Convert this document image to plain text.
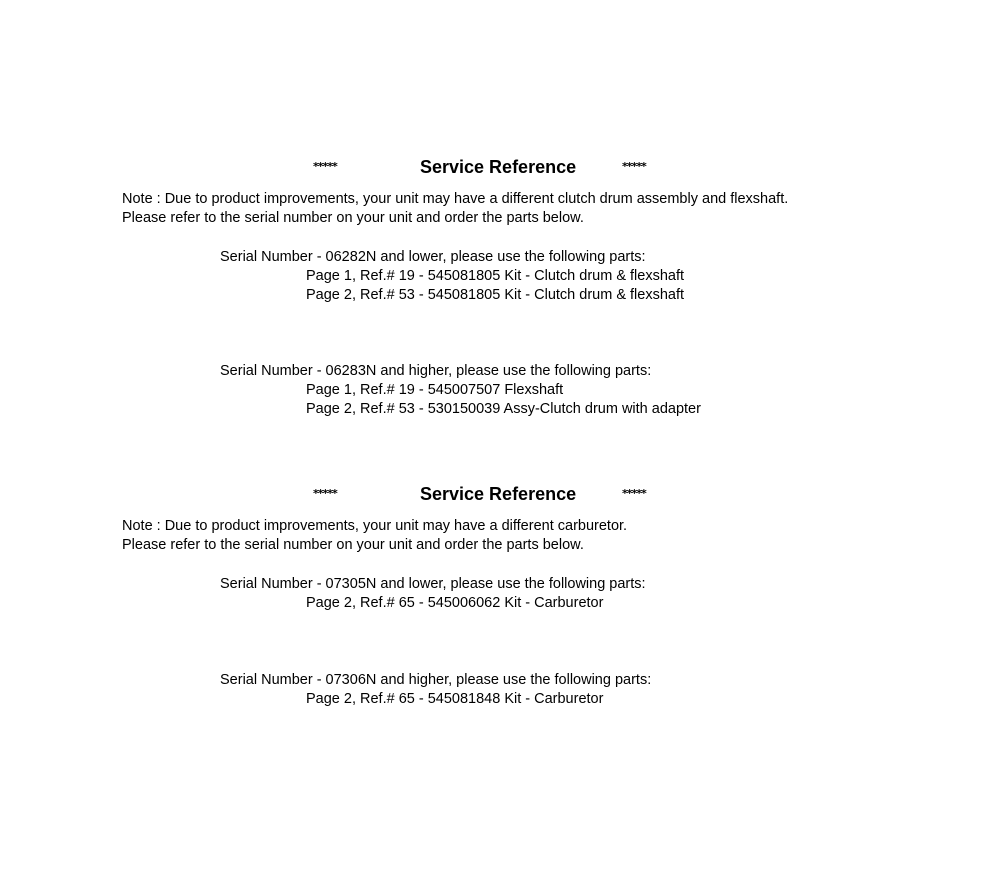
*****	Service Reference	*****
Note : Due to product improvements, your unit may have a different clutch drum assembly and flexshaft.
Please refer to the serial number on your unit and order the parts below.
Serial Number - 06282N and lower, please use the following parts:
Page 1, Ref.# 19 - 545081805 Kit - Clutch drum & flexshaft
Page 2, Ref.# 53 - 545081805 Kit - Clutch drum & flexshaft
Serial Number - 06283N and higher, please use the following parts:
Page 1, Ref.# 19 - 545007507 Flexshaft
Page 2, Ref.# 53 - 530150039 Assy-Clutch drum with adapter
*****	Service Reference	*****
Note : Due to product improvements, your unit may have a different carburetor.
Please refer to the serial number on your unit and order the parts below.
Serial Number - 07305N and lower, please use the following parts:
Page 2, Ref.# 65 - 545006062 Kit - Carburetor
Serial Number - 07306N and higher, please use the following parts:
Page 2, Ref.# 65 - 545081848 Kit - Carburetor
